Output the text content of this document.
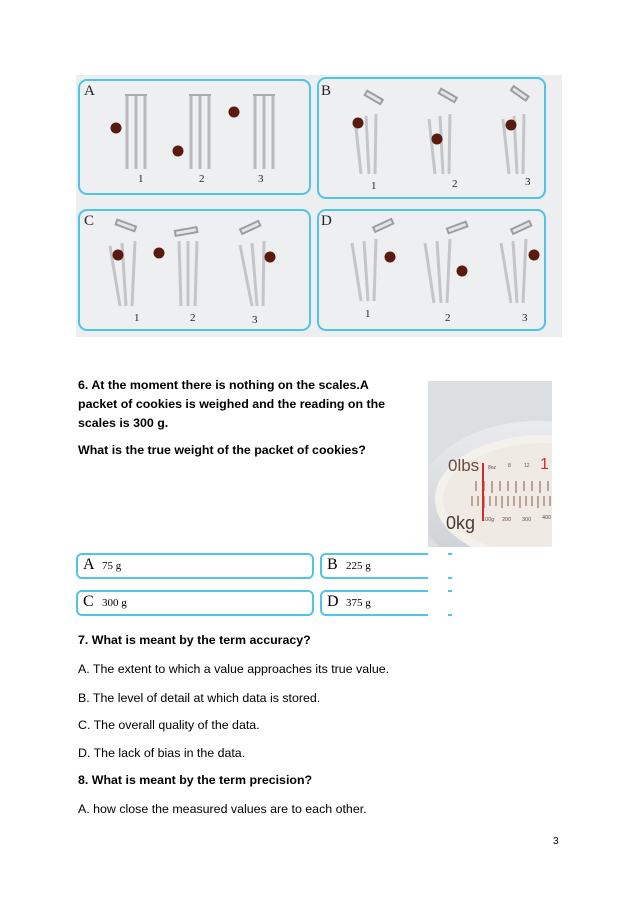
A
1	2	3
B
1	2	3
C
1	2	3
D
1	2	3
6. At the moment there is nothing on the scales.A
packet of cookies is weighed and the reading on the
scales is 300 g.
What is the true weight of the packet of cookies?
0lbs 8oz 8	12 1
0kg 100g 200 300 400
A 75 g	B 225 g
C 300 g	D 375 g
7. What is meant by the term accuracy?
A. The extent to which a value approaches its true value.
B. The level of detail at which data is stored.
C. The overall quality of the data.
D. The lack of bias in the data.
8. What is meant by the term precision?
A. how close the measured values are to each other.
3
